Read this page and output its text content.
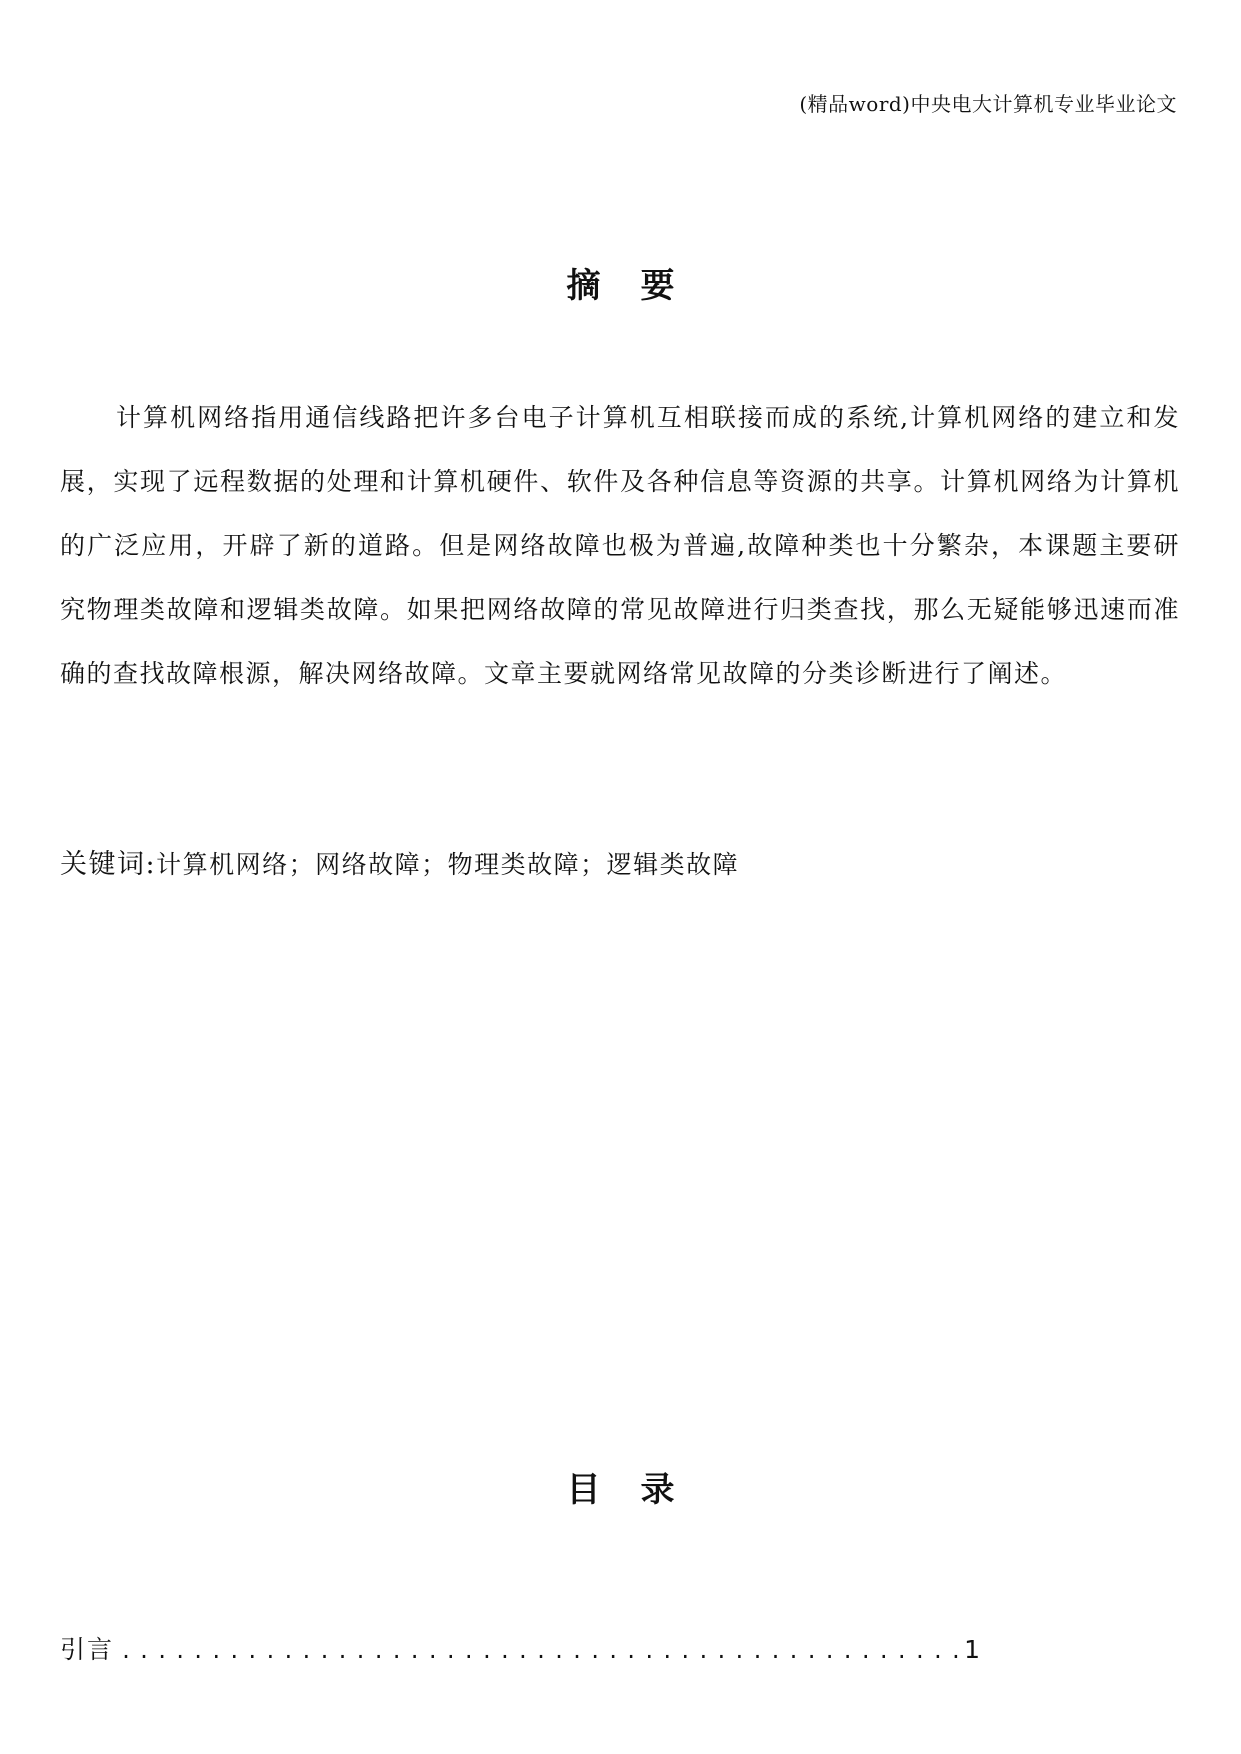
(精品word)中央电大计算机专业毕业论文
摘要

计算机网络指用通信线路把许多台电子计算机互相联接而成的系统,计算机网络的建立和发展，实现了远程数据的处理和计算机硬件、软件及各种信息等资源的共享。计算机网络为计算机的广泛应用，开辟了新的道路。但是网络故障也极为普遍,故障种类也十分繁杂，本课题主要研究物理类故障和逻辑类故障。如果把网络故障的常见故障进行归类查找，那么无疑能够迅速而准确的查找故障根源，解决网络故障。文章主要就网络常见故障的分类诊断进行了阐述。

关键词:计算机网络；网络故障；物理类故障；逻辑类故障
目录
引言
.....	1
